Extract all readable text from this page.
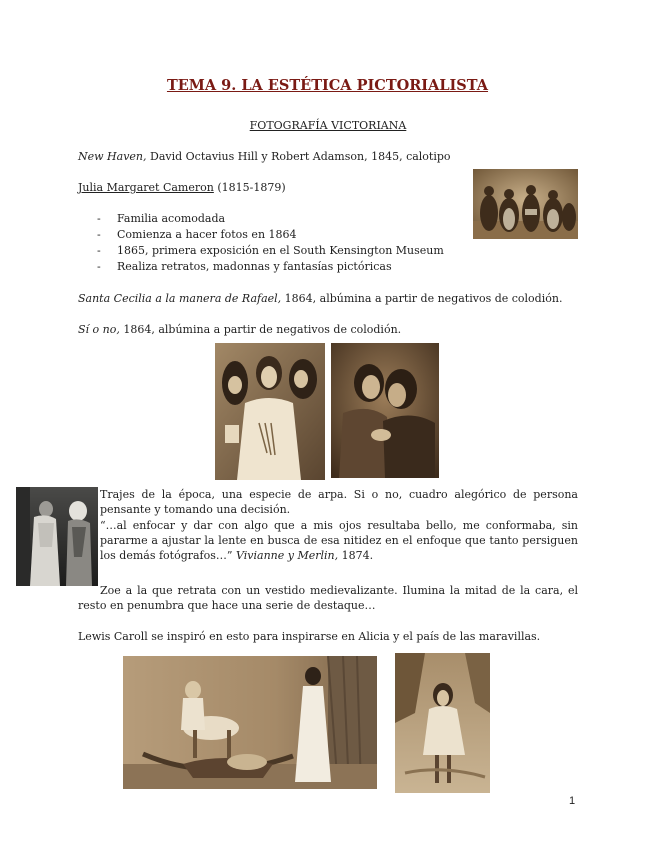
TEMA 9. LA ESTÉTICA PICTORIALISTA
FOTOGRAFÍA VICTORIANA
New Haven, David Octavius Hill y Robert Adamson, 1845, calotipo
Julia Margaret Cameron (1815-1879)
- Familia acomodada
- Comienza a hacer fotos en 1864
- 1865, primera exposición en el South Kensington Museum
- Realiza retratos, madonnas y fantasías pictóricas
Santa Cecilia a la manera de Rafael, 1864, albúmina a partir de negativos de colodión.
Sí o no, 1864, albúmina a partir de negativos de colodión.
Trajes de la época, una especie de arpa. Si o no, cuadro alegórico de persona pensante y tomando una decisión.
“…al enfocar y dar con algo que a mis ojos resultaba bello, me conformaba, sin pararme a ajustar la lente en busca de esa nitidez en el enfoque que tanto persiguen los demás fotógrafos…” Vivianne y Merlin, 1874.
Zoe a la que retrata con un vestido medievalizante. Ilumina la mitad de la cara, el resto en penumbra que hace una serie de destaque…
Lewis Caroll se inspiró en esto para inspirarse en Alicia y el país de las maravillas.
1
